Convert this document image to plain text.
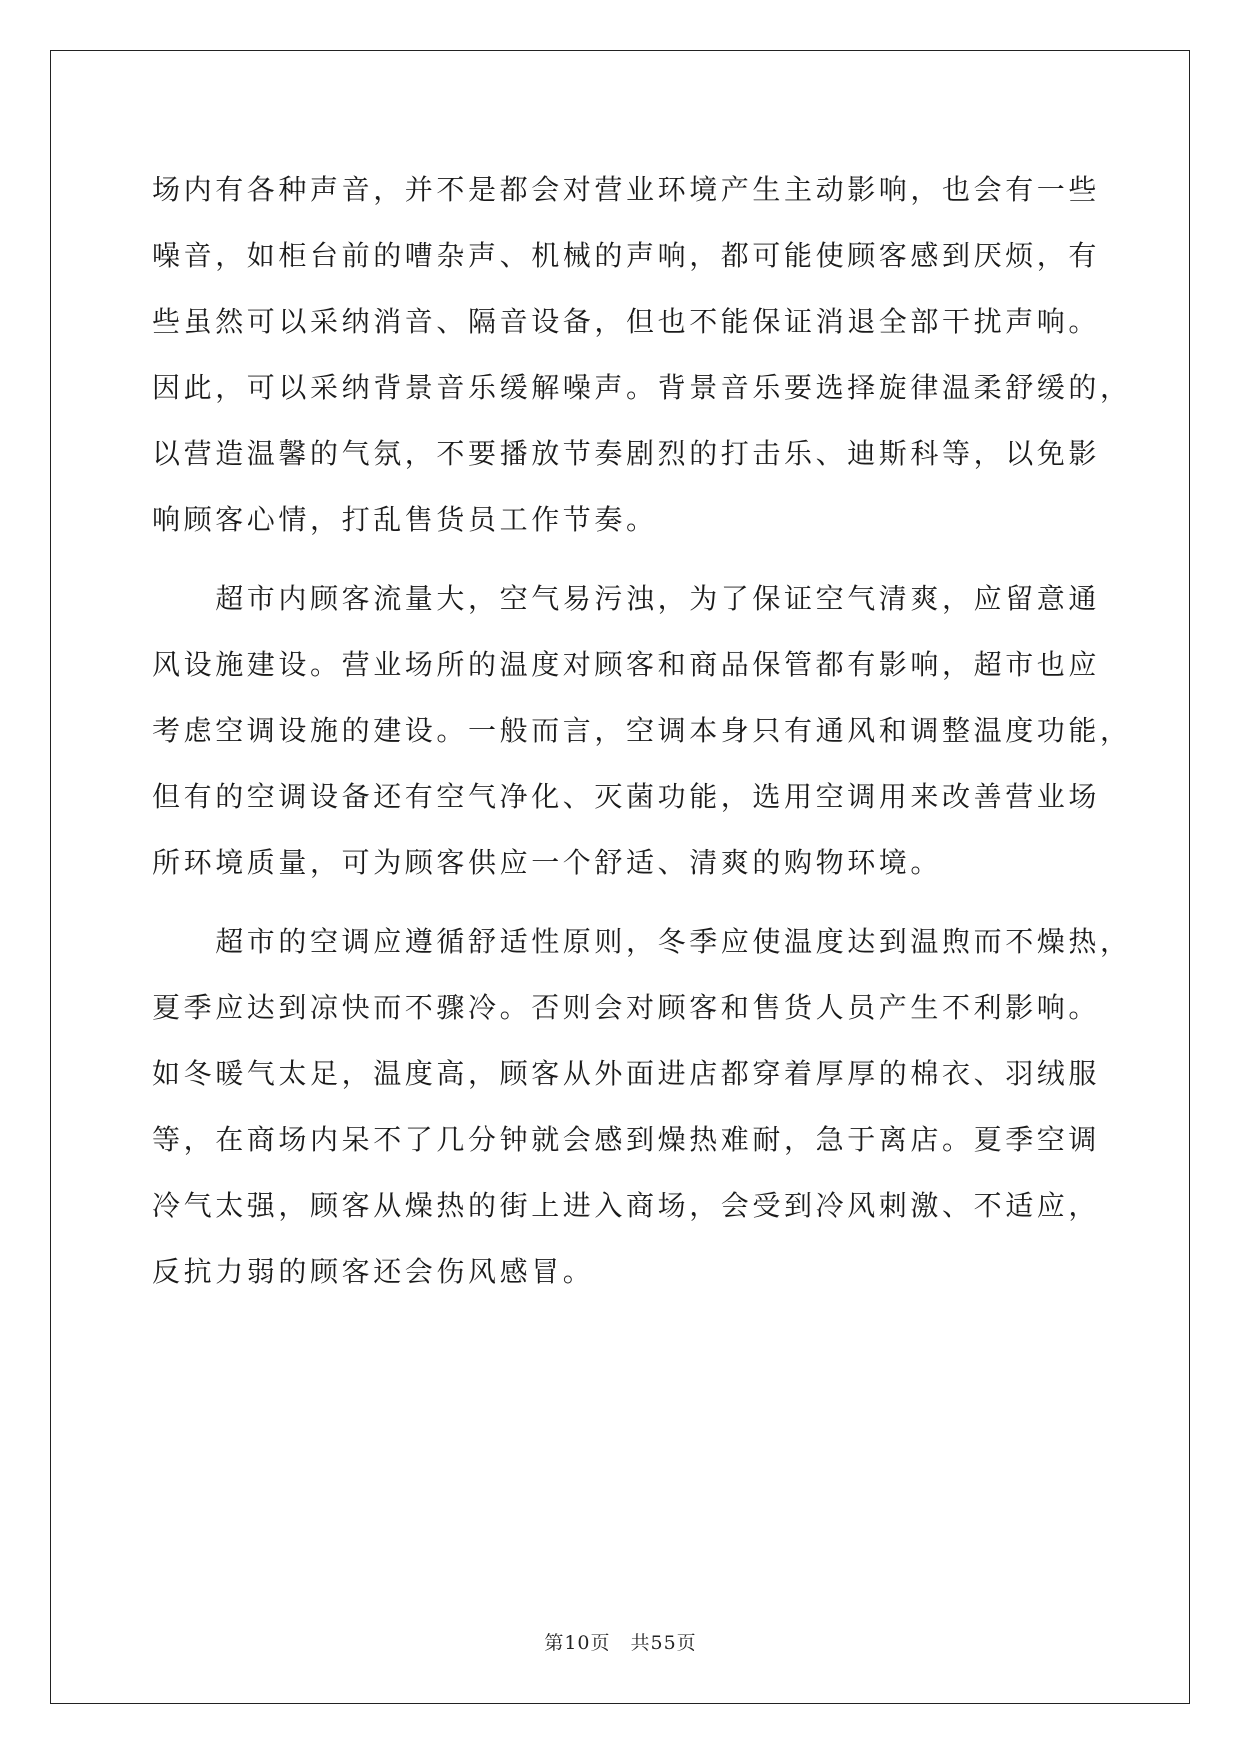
场内有各种声音，并不是都会对营业环境产生主动影响，也会有一些
噪音，如柜台前的嘈杂声、机械的声响，都可能使顾客感到厌烦，有
些虽然可以采纳消音、隔音设备，但也不能保证消退全部干扰声响。
因此，可以采纳背景音乐缓解噪声。背景音乐要选择旋律温柔舒缓的，
以营造温馨的气氛，不要播放节奏剧烈的打击乐、迪斯科等，以免影
响顾客心情，打乱售货员工作节奏。
　　超市内顾客流量大，空气易污浊，为了保证空气清爽，应留意通
风设施建设。营业场所的温度对顾客和商品保管都有影响，超市也应
考虑空调设施的建设。一般而言，空调本身只有通风和调整温度功能，
但有的空调设备还有空气净化、灭菌功能，选用空调用来改善营业场
所环境质量，可为顾客供应一个舒适、清爽的购物环境。
　　超市的空调应遵循舒适性原则，冬季应使温度达到温煦而不燥热，
夏季应达到凉快而不骤冷。否则会对顾客和售货人员产生不利影响。
如冬暖气太足，温度高，顾客从外面进店都穿着厚厚的棉衣、羽绒服
等，在商场内呆不了几分钟就会感到燥热难耐，急于离店。夏季空调
冷气太强，顾客从燥热的街上进入商场，会受到冷风刺激、不适应，
反抗力弱的顾客还会伤风感冒。
第10页　共55页
